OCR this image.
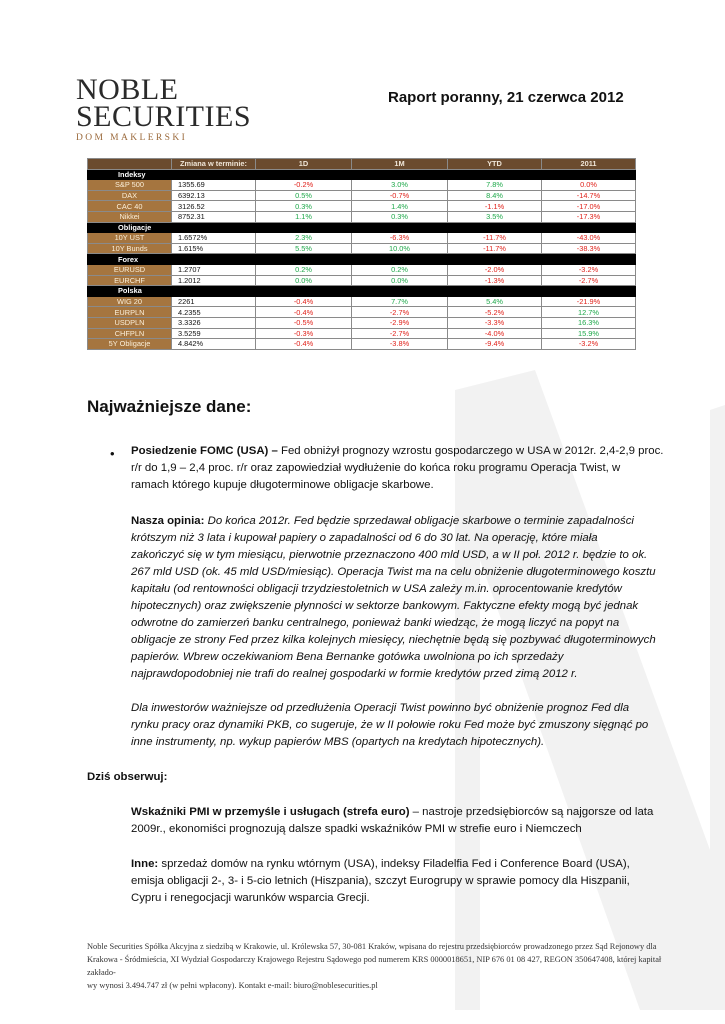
NOBLE
SECURITIES
DOM MAKLERSKI
Raport poranny, 21 czerwca 2012
	Zmiana w terminie:	1D	1M	YTD	2011
Indeksy					
S&P 500	1355.69	-0.2%	3.0%	7.8%	0.0%
DAX	6392.13	0.5%	-0.7%	8.4%	-14.7%
CAC 40	3126.52	0.3%	1.4%	-1.1%	-17.0%
Nikkei	8752.31	1.1%	0.3%	3.5%	-17.3%
Obligacje					
10Y UST	1.6572%	2.3%	-6.3%	-11.7%	-43.0%
10Y Bunds	1.615%	5.5%	10.0%	-11.7%	-38.3%
Forex					
EURUSD	1.2707	0.2%	0.2%	-2.0%	-3.2%
EURCHF	1.2012	0.0%	0.0%	-1.3%	-2.7%
Polska					
WIG 20	2261	-0.4%	7.7%	5.4%	-21.9%
EURPLN	4.2355	-0.4%	-2.7%	-5.2%	12.7%
USDPLN	3.3326	-0.5%	-2.9%	-3.3%	16.3%
CHFPLN	3.5259	-0.3%	-2.7%	-4.0%	15.9%
5Y Obligacje	4.842%	-0.4%	-3.8%	-9.4%	-3.2%
Najważniejsze dane:
• Posiedzenie FOMC (USA) – Fed obniżył prognozy wzrostu gospodarczego w USA w 2012r. 2,4-2,9 proc.
r/r do 1,9 – 2,4 proc. r/r oraz zapowiedział wydłużenie do końca roku programu Operacja Twist, w
ramach którego kupuje długoterminowe obligacje skarbowe.
Nasza opinia: Do końca 2012r. Fed będzie sprzedawał obligacje skarbowe o terminie zapadalności
krótszym niż 3 lata i kupował papiery o zapadalności od 6 do 30 lat. Na operację, które miała
zakończyć się w tym miesiącu, pierwotnie przeznaczono 400 mld USD, a w II poł. 2012 r. będzie to ok.
267 mld USD (ok. 45 mld USD/miesiąc). Operacja Twist ma na celu obniżenie długoterminowego kosztu
kapitału (od rentowności obligacji trzydziestoletnich w USA zależy m.in. oprocentowanie kredytów
hipotecznych) oraz zwiększenie płynności w sektorze bankowym. Faktyczne efekty mogą być jednak
odwrotne do zamierzeń banku centralnego, ponieważ banki wiedząc, że mogą liczyć na popyt na
obligacje ze strony Fed przez kilka kolejnych miesięcy, niechętnie będą się pozbywać długoterminowych
papierów. Wbrew oczekiwaniom Bena Bernanke gotówka uwolniona po ich sprzedaży
najprawdopodobniej nie trafi do realnej gospodarki w formie kredytów przed zimą 2012 r.
Dla inwestorów ważniejsze od przedłużenia Operacji Twist powinno być obniżenie prognoz Fed dla
rynku pracy oraz dynamiki PKB, co sugeruje, że w II połowie roku Fed może być zmuszony sięgnąć po
inne instrumenty, np. wykup papierów MBS (opartych na kredytach hipotecznych).
Dziś obserwuj:
Wskaźniki PMI w przemyśle i usługach (strefa euro) – nastroje przedsiębiorców są najgorsze od lata
2009r., ekonomiści prognozują dalsze spadki wskaźników PMI w strefie euro i Niemczech
Inne: sprzedaż domów na rynku wtórnym (USA), indeksy Filadelfia Fed i Conference Board (USA),
emisja obligacji 2-, 3- i 5-cio letnich (Hiszpania), szczyt Eurogrupy w sprawie pomocy dla Hiszpanii,
Cypru i renegocjacji warunków wsparcia Grecji.
Noble Securities Spółka Akcyjna z siedzibą w Krakowie, ul. Królewska 57, 30-081 Kraków, wpisana do rejestru przedsiębiorców prowadzonego przez Sąd Rejonowy dla
Krakowa - Śródmieścia, XI Wydział Gospodarczy Krajowego Rejestru Sądowego pod numerem KRS 0000018651, NIP 676 01 08 427, REGON 350647408, której kapitał zakłado-
wy wynosi 3.494.747 zł (w pełni wpłacony). Kontakt e-mail: biuro@noblesecurities.pl
